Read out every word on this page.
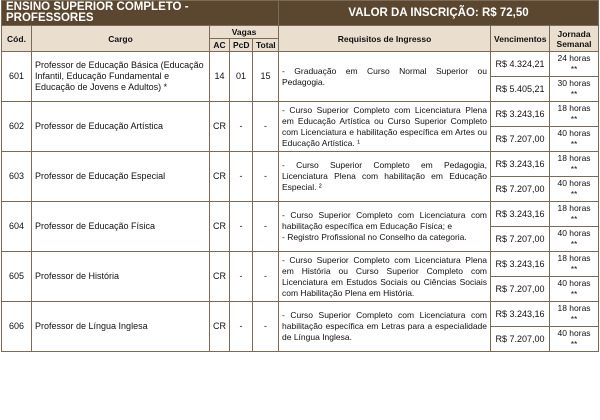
ENSINO SUPERIOR COMPLETO - PROFESSORES					VALOR DA INSCRIÇÃO: R$ 72,50		
Cód.	Cargo	Vagas			Requisitos de Ingresso	Vencimentos	Jornada
Semanal
		AC	PcD	Total			
601	Professor de Educação Básica (Educação Infantil, Educação Fundamental e Educação de Jovens e Adultos) *	14	01	15	- Graduação em Curso Normal Superior ou Pedagogia.	R$ 4.324,21	24 horas
**
						R$ 5.405,21	30 horas
**
602	Professor de Educação Artística	CR	-	-	- Curso Superior Completo com Licenciatura Plena em Educação Artística ou Curso Superior Completo com Licenciatura e habilitação específica em Artes ou Educação Artística. ¹	R$ 3.243,16	18 horas
**
						R$ 7.207,00	40 horas
**
603	Professor de Educação Especial	CR	-	-	- Curso Superior Completo em Pedagogia, Licenciatura Plena com habilitação em Educação Especial. ²	R$ 3.243,16	18 horas
**
						R$ 7.207,00	40 horas
**
604	Professor de Educação Física	CR	-	-	- Curso Superior Completo com Licenciatura com habilitação específica em Educação Física; e
- Registro Profissional no Conselho da categoria.	R$ 3.243,16	18 horas
**
						R$ 7.207,00	40 horas
**
605	Professor de História	CR	-	-	- Curso Superior Completo com Licenciatura Plena em História ou Curso Superior Completo com Licenciatura em Estudos Sociais ou Ciências Sociais com Habilitação Plena em História.	R$ 3.243,16	18 horas
**
						R$ 7.207,00	40 horas
**
606	Professor de Língua Inglesa	CR	-	-	- Curso Superior Completo com Licenciatura com habilitação específica em Letras para a especialidade de Língua Inglesa.	R$ 3.243,16	18 horas
**
						R$ 7.207,00	40 horas
**
